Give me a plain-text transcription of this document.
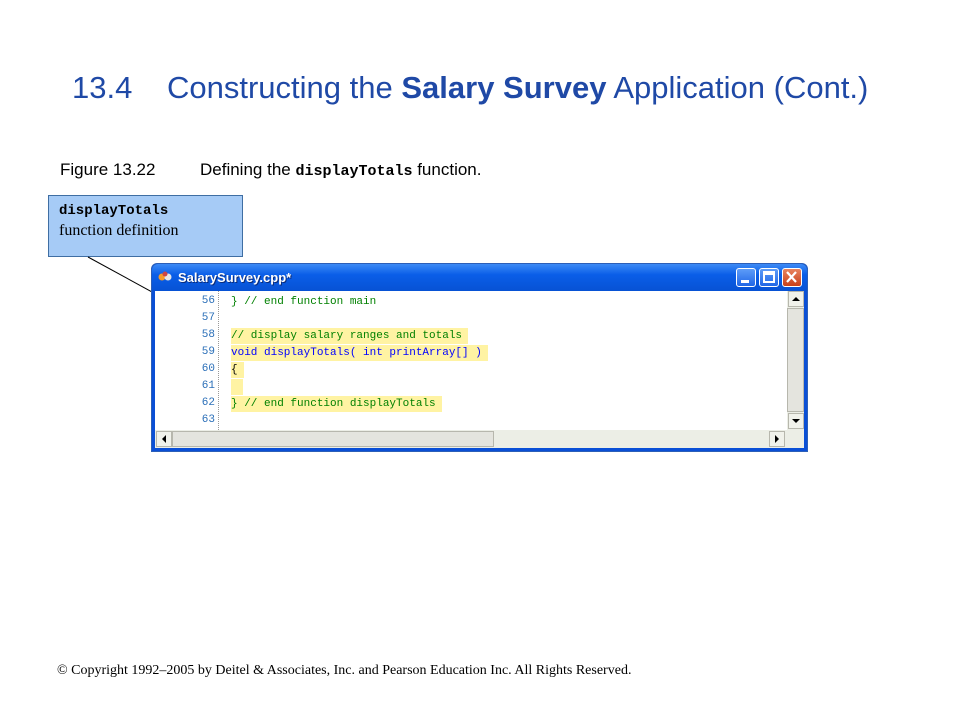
13.4 Constructing the Salary Survey Application (Cont.)
Figure 13.22	Defining the displayTotals function.
displayTotals
function definition
SalarySurvey.cpp*
56
57
58
59
60
61
62
63
} // end function main
// display salary ranges and totals
void displayTotals( int printArray[] )
{
} // end function displayTotals
© Copyright 1992–2005 by Deitel & Associates, Inc. and Pearson Education Inc. All Rights Reserved.
